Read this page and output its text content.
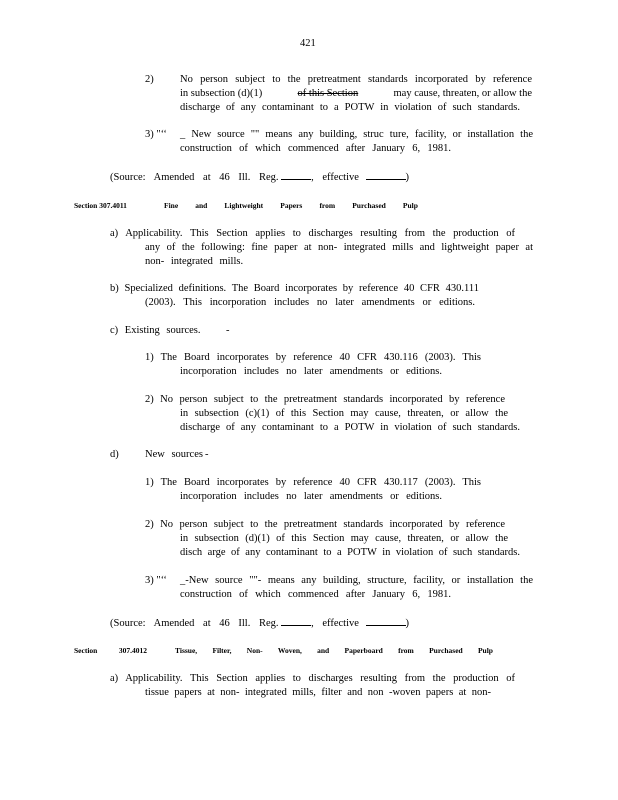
421
2)	No person subject to the pretreatment standards incorporated by reference
in subsection (d)(1)	of this Section	may cause, threaten, or allow the
discharge of any contaminant to a POTW in violation of such standards.
3) "‘‘ _ New source "" means any building, struc ture, facility, or installation the
construction of which commenced after January 6, 1981.
(Source: Amended at 46 Ill. Reg.	, effective	)
Section 307.4011	Fine and Lightweight Papers from Purchased Pulp
a) Applicability. This Section applies to discharges resulting from the production of
any of the following: fine paper at non- integrated mills and lightweight paper at
non- integrated mills.
b) Specialized definitions. The Board incorporates by reference 40 CFR 430.111
(2003). This incorporation includes no later amendments or editions.
c) Existing sources. -
1) The Board incorporates by reference 40 CFR 430.116 (2003). This
incorporation includes no later amendments or editions.
2) No person subject to the pretreatment standards incorporated by reference
in subsection (c)(1) of this Section may cause, threaten, or allow the
discharge of any contaminant to a POTW in violation of such standards.
d)	New sources -
1) The Board incorporates by reference 40 CFR 430.117 (2003). This
incorporation includes no later amendments or editions.
2) No person subject to the pretreatment standards incorporated by reference
in subsection (d)(1) of this Section may cause, threaten, or allow the
disch arge of any contaminant to a POTW in violation of such standards.
3) "‘‘ _-New source ""- means any building, structure, facility, or installation the
construction of which commenced after January 6, 1981.
(Source: Amended at 46 Ill. Reg.	, effective	)
Section	307.4012	Tissue, Filter, Non- Woven, and Paperboard from Purchased Pulp
a) Applicability. This Section applies to discharges resulting from the production of
tissue papers at non- integrated mills, filter and non -woven papers at non-
